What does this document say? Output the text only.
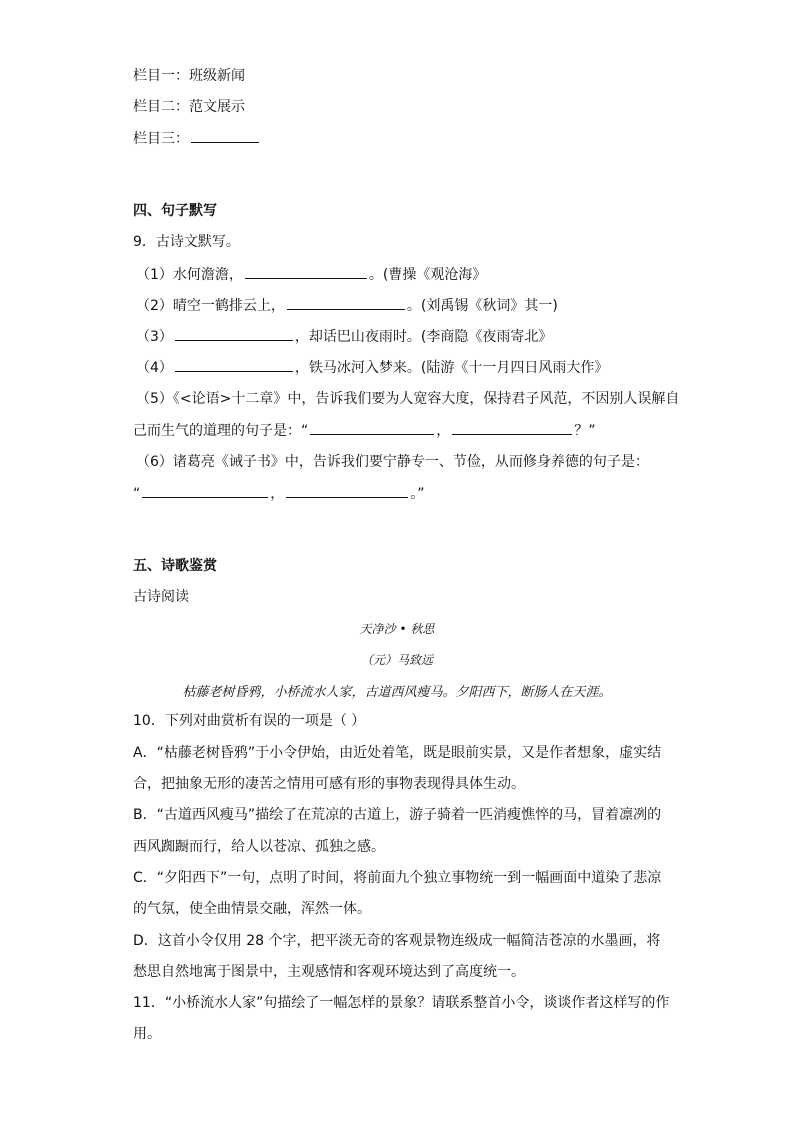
栏目一：班级新闻
栏目二：范文展示
栏目三：
四、句子默写
9．古诗文默写。
（1）水何澹澹，	。(曹操《观沧海》
（2）晴空一鹤排云上，	。(刘禹锡《秋词》其一)
（3）	，却话巴山夜雨时。(李商隐《夜雨寄北》
（4）	，铁马冰河入梦来。(陆游《十一月四日风雨大作》
（5）《<论语>十二章》中，告诉我们要为人宽容大度，保持君子风范，不因别人误解自
己而生气的道理的句子是：“	，	？”
（6）诸葛亮《诫子书》中，告诉我们要宁静专一、节俭，从而修身养德的句子是：
“	，	。”
五、诗歌鉴赏
古诗阅读
天净沙 • 秋思
（元）马致远
枯藤老树昏鸦，小桥流水人家，古道西风瘦马。夕阳西下，断肠人在天涯。
10．下列对曲赏析有误的一项是（ ）
A．“枯藤老树昏鸦”于小令伊始，由近处着笔，既是眼前实景，又是作者想象，虚实结
合，把抽象无形的凄苦之情用可感有形的事物表现得具体生动。
B．“古道西风瘦马”描绘了在荒凉的古道上，游子骑着一匹消瘦憔悴的马，冒着凛冽的
西风踟蹰而行，给人以苍凉、孤独之感。
C．“夕阳西下”一句，点明了时间，将前面九个独立事物统一到一幅画面中道染了悲凉
的气氛，使全曲情景交融，浑然一体。
D．这首小令仅用 28 个字，把平淡无奇的客观景物连级成一幅简洁苍凉的水墨画，将
愁思自然地寓于图景中，主观感情和客观环境达到了高度统一。
11．“小桥流水人家”句描绘了一幅怎样的景象？请联系整首小令，谈谈作者这样写的作
用。
